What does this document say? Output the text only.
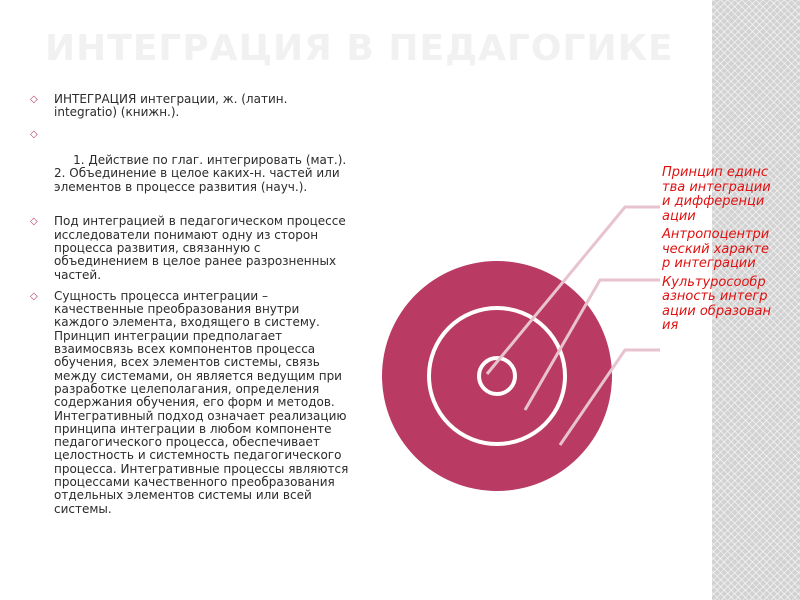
ИНТЕГРАЦИЯ В ПЕДАГОГИКЕ
◇ ИНТЕГРАЦИЯ интеграции, ж. (латин. integratio) (книжн.).

◇

1. Действие по глаг. интегрировать (мат.). 2. Объединение в целое каких-н. частей или элементов в процессе развития (науч.).

◇ Под интеграцией в педагогическом процессе исследователи понимают одну из сторон процесса развития, связанную с объединением в целое ранее разрозненных частей.
◇ Сущность процесса интеграции – качественные преобразования внутри каждого элемента, входящего в систему. Принцип интеграции предполагает взаимосвязь всех компонентов процесса обучения, всех элементов системы, связь между системами, он является ведущим при разработке целеполагания, определения содержания обучения, его форм и методов. Интегративный подход означает реализацию принципа интеграции в любом компоненте педагогического процесса, обеспечивает целостность и системность педагогического процесса. Интегративные процессы являются процессами качественного преобразования отдельных элементов системы или всей системы.
Принцип единства интеграции и дифференциации
Антропоцентрический характер интеграции
Культуросообразность интеграции образования
